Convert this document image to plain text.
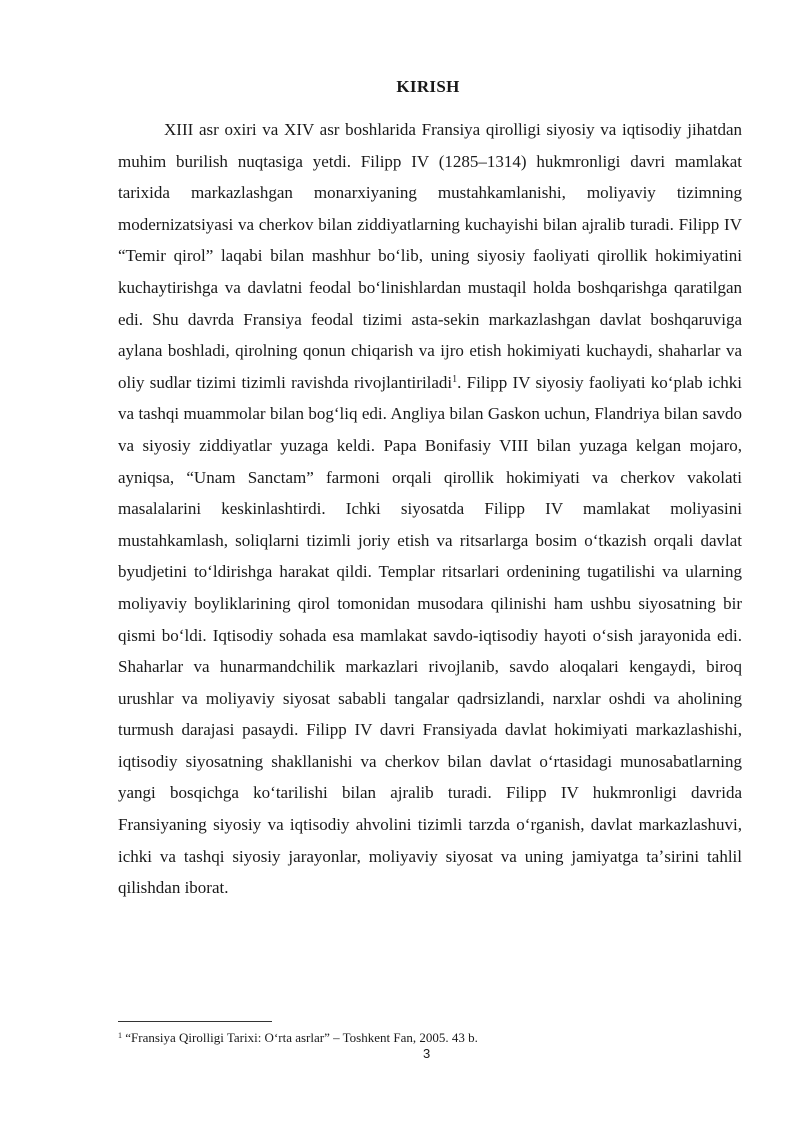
KIRISH

XIII asr oxiri va XIV asr boshlarida Fransiya qirolligi siyosiy va iqtisodiy jihatdan muhim burilish nuqtasiga yetdi. Filipp IV (1285–1314) hukmronligi davri mamlakat tarixida markazlashgan monarxiyaning mustahkamlanishi, moliyaviy tizimning modernizatsiyasi va cherkov bilan ziddiyatlarning kuchayishi bilan ajralib turadi. Filipp IV “Temir qirol” laqabi bilan mashhur boʻlib, uning siyosiy faoliyati qirollik hokimiyatini kuchaytirishga va davlatni feodal boʻlinishlardan mustaqil holda boshqarishga qaratilgan edi. Shu davrda Fransiya feodal tizimi asta-sekin markazlashgan davlat boshqaruviga aylana boshladi, qirolning qonun chiqarish va ijro etish hokimiyati kuchaydi, shaharlar va oliy sudlar tizimi tizimli ravishda rivojlantiriladi$^1$. Filipp IV siyosiy faoliyati koʻplab ichki va tashqi muammolar bilan bogʻliq edi. Angliya bilan Gaskon uchun, Flandriya bilan savdo va siyosiy ziddiyatlar yuzaga keldi. Papa Bonifasiy VIII bilan yuzaga kelgan mojaro, ayniqsa, “Unam Sanctam” farmoni orqali qirollik hokimiyati va cherkov vakolati masalalarini keskinlashtirdi. Ichki siyosatda Filipp IV mamlakat moliyasini mustahkamlash, soliqlarni tizimli joriy etish va ritsarlarga bosim oʻtkazish orqali davlat byudjetini toʻldirishga harakat qildi. Templar ritsarlari ordenining tugatilishi va ularning moliyaviy boyliklarining qirol tomonidan musodara qilinishi ham ushbu siyosatning bir qismi boʻldi. Iqtisodiy sohada esa mamlakat savdo-iqtisodiy hayoti oʻsish jarayonida edi. Shaharlar va hunarmandchilik markazlari rivojlanib, savdo aloqalari kengaydi, biroq urushlar va moliyaviy siyosat sababli tangalar qadrsizlandi, narxlar oshdi va aholining turmush darajasi pasaydi. Filipp IV davri Fransiyada davlat hokimiyati markazlashishi, iqtisodiy siyosatning shakllanishi va cherkov bilan davlat oʻrtasidagi munosabatlarning yangi bosqichga koʻtarilishi bilan ajralib turadi. Filipp IV hukmronligi davrida Fransiyaning siyosiy va iqtisodiy ahvolini tizimli tarzda oʻrganish, davlat markazlashuvi, ichki va tashqi siyosiy jarayonlar, moliyaviy siyosat va uning jamiyatga taʼsirini tahlil qilishdan iborat.

$^1$ “Fransiya Qirolligi Tarixi: Oʻrta asrlar” – Toshkent Fan, 2005. 43 b.
3
